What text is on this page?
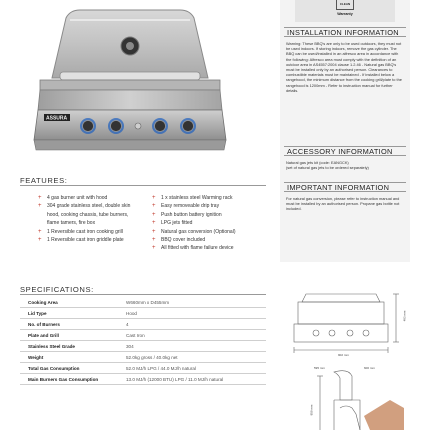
ASSURA
CLEAN
Warranty
INSTALLATION INFORMATION
Warning: These BBQ's are only to be used outdoors, they must not be used indoors. If storing indoors, remove the gas cylinder. The BBQ can be used/installed in an alfresco area in accordance with the following: Alfresco area must comply with the definition of an outdoor area in AS4557:2004 clause 1.2.46 - Natural gas BBQ's must be installed only by an authorised person. Clearances to combustible materials must be maintained - If installed below a rangehood, the minimum distance from the cooking grill/plate to the rangehood is 1200mm - Refer to instruction manual for further details.
ACCESSORY INFORMATION
Natural gas jets kit (code: EANGCK)
(set of natural gas jets to be ordered separately)
IMPORTANT INFORMATION
For natural gas conversion, please refer to instruction manual and must be installed by an authorised person. Propane gas bottle not included.
FEATURES:
+ 4 gas burner unit with hood
+ 304 grade stainless steel, double skin hood, cooking chassis, tube burners, flame tamers, fire box
+ 1 Reversible cast iron cooking grill
+ 1 Reversible cast iron griddle plate
+ 1 x stainless steel Warming rack
+ Easy removeable drip tray
+ Push button battery ignition
+ LPG jets fitted
+ Natural gas conversion (Optional)
+ BBQ cover included
+ All fitted with flame failure device
SPECIFICATIONS:
Cooking Area	W660mm x D455mm
Lid Type	Hood
No. of Burners	4
Plate and Grill	Cast Iron
Stainless Steel Grade	304
Weight	52.0kg gross / 40.0kg net
Total Gas Consumption	52.0 MJ/h LPG / 44.0 MJ/h natural
Main Burners Gas Consumption	13.0 MJ/h (12000 BTU) LPG / 11.0 MJ/h natural
902 mm
483 mm
859 mm
595 mm	600 mm
